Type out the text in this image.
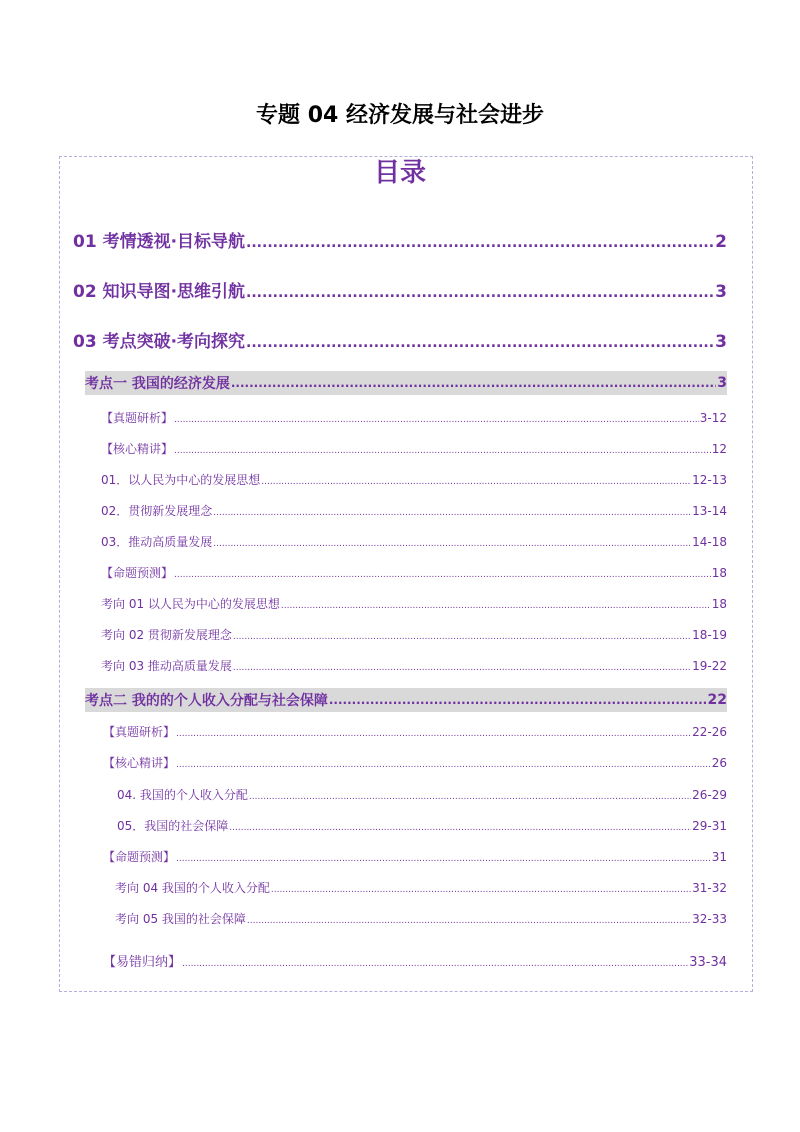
专题 04 经济发展与社会进步
目录
01 考情透视·目标导航 .....	2
02 知识导图·思维引航 .....	3
03 考点突破·考向探究 .....	3
考点一 我国的经济发展 .....	3
【真题研析】 .....	3-12
【核心精讲】 .....	12
01．以人民为中心的发展思想 .....	12-13
02．贯彻新发展理念 .....	13-14
03．推动高质量发展 .....	14-18
【命题预测】 .....	18
考向 01 以人民为中心的发展思想 .....	18
考向 02 贯彻新发展理念 .....	18-19
考向 03 推动高质量发展 .....	19-22
考点二 我的的个人收入分配与社会保障 .....	22
【真题研析】 .....	22-26
【核心精讲】 .....	26
04. 我国的个人收入分配 .....	26-29
05．我国的社会保障 .....	29-31
【命题预测】 .....	31
考向 04 我国的个人收入分配 .....	31-32
考向 05 我国的社会保障 .....	32-33
【易错归纳】 .....	33-34
